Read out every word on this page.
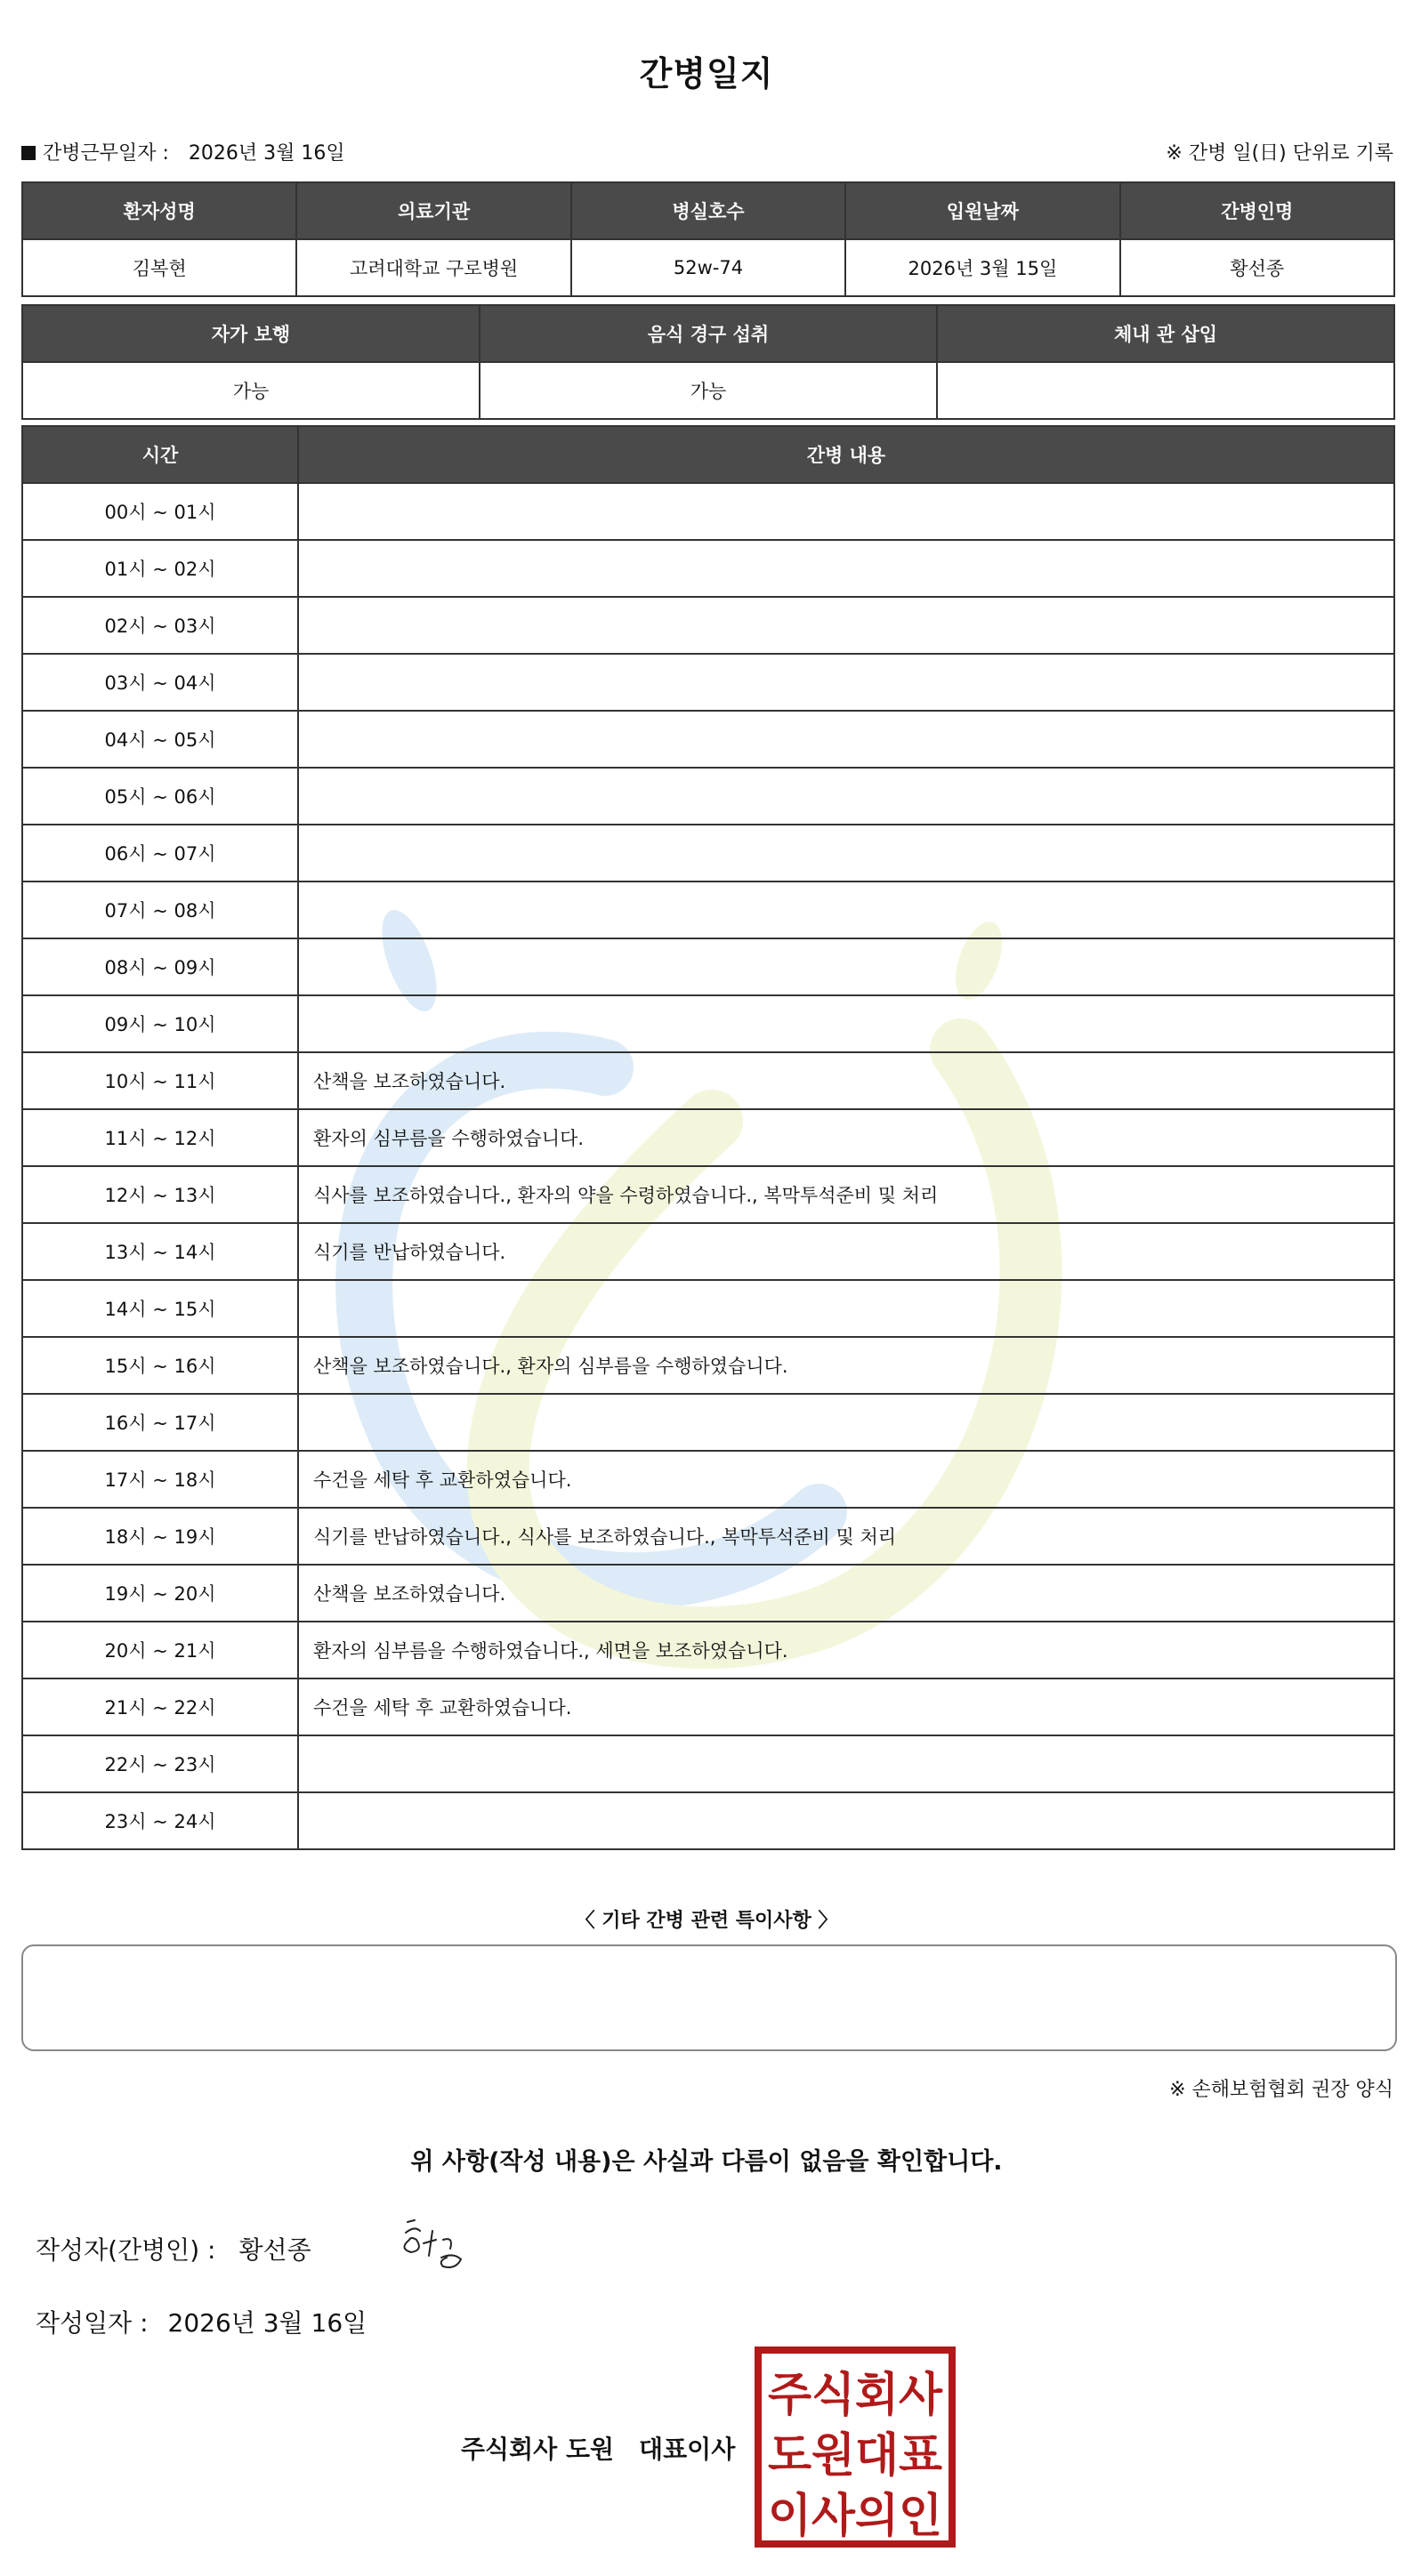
간병일지
간병근무일자 : 2026년 3월 16일	※ 간병 일(日) 단위로 기록
환자성명	의료기관	병실호수	입원날짜	간병인명
김복현	고려대학교 구로병원	52w-74	2026년 3월 15일	황선종
자가 보행	음식 경구 섭취	체내 관 삽입
가능	가능	
시간	간병 내용
00시 ~ 01시	
01시 ~ 02시	
02시 ~ 03시	
03시 ~ 04시	
04시 ~ 05시	
05시 ~ 06시	
06시 ~ 07시	
07시 ~ 08시	
08시 ~ 09시	
09시 ~ 10시	
10시 ~ 11시	산책을 보조하였습니다.
11시 ~ 12시	환자의 심부름을 수행하였습니다.
12시 ~ 13시	식사를 보조하였습니다., 환자의 약을 수령하였습니다., 복막투석준비 및 처리
13시 ~ 14시	식기를 반납하였습니다.
14시 ~ 15시	
15시 ~ 16시	산책을 보조하였습니다., 환자의 심부름을 수행하였습니다.
16시 ~ 17시	
17시 ~ 18시	수건을 세탁 후 교환하였습니다.
18시 ~ 19시	식기를 반납하였습니다., 식사를 보조하였습니다., 복막투석준비 및 처리
19시 ~ 20시	산책을 보조하였습니다.
20시 ~ 21시	환자의 심부름을 수행하였습니다., 세면을 보조하였습니다.
21시 ~ 22시	수건을 세탁 후 교환하였습니다.
22시 ~ 23시	
23시 ~ 24시	
〈 기타 간병 관련 특이사항 〉
※ 손해보험협회 권장 양식
위 사항(작성 내용)은 사실과 다름이 없음을 확인합니다.
작성자(간병인) : 황선종
작성일자 : 2026년 3월 16일
주식회사 도원 대표이사
주식회사
도원대표
이사의인
